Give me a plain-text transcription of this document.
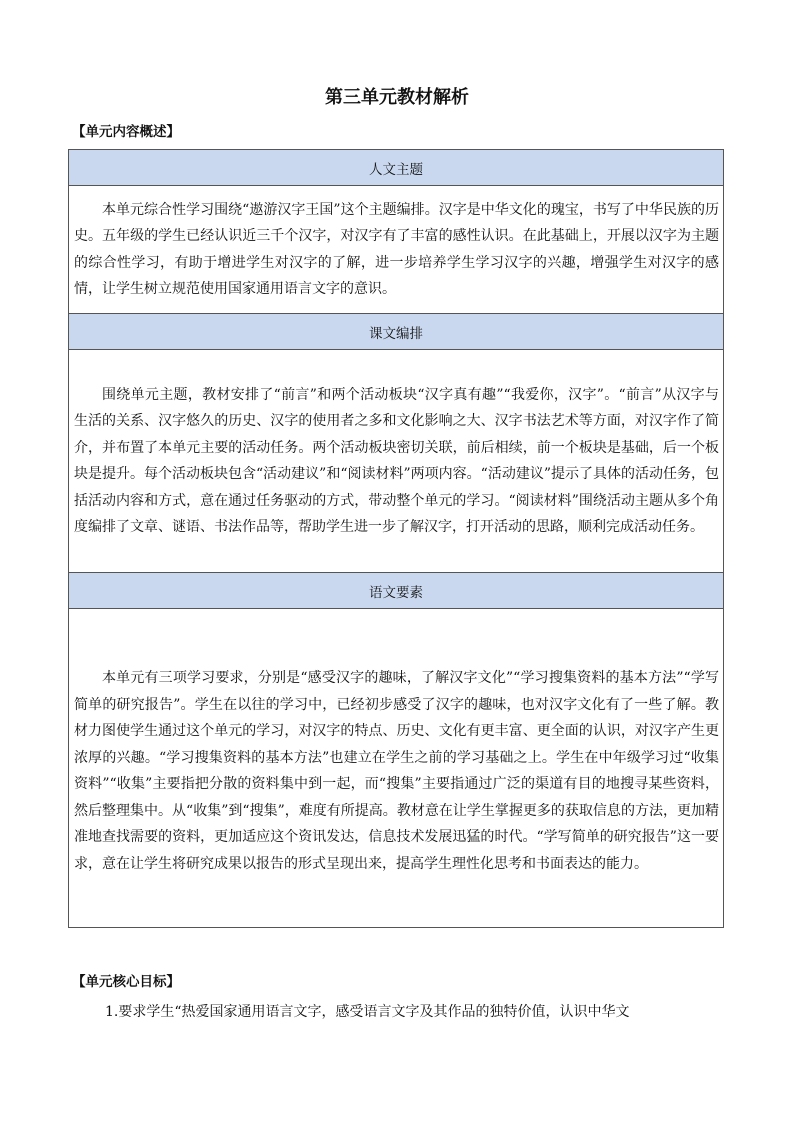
第三单元教材解析
【单元内容概述】
人文主题

本单元综合性学习围绕“遨游汉字王国”这个主题编排。汉字是中华文化的瑰宝，书写了中华民族的历史。五年级的学生已经认识近三千个汉字，对汉字有了丰富的感性认识。在此基础上，开展以汉字为主题的综合性学习，有助于增进学生对汉字的了解，进一步培养学生学习汉字的兴趣，增强学生对汉字的感情，让学生树立规范使用国家通用语言文字的意识。

课文编排

围绕单元主题，教材安排了“前言”和两个活动板块“汉字真有趣”“我爱你，汉字”。“前言”从汉字与生活的关系、汉字悠久的历史、汉字的使用者之多和文化影响之大、汉字书法艺术等方面，对汉字作了简介，并布置了本单元主要的活动任务。两个活动板块密切关联，前后相续，前一个板块是基础，后一个板块是提升。每个活动板块包含“活动建议”和“阅读材料”两项内容。“活动建议”提示了具体的活动任务，包括活动内容和方式，意在通过任务驱动的方式，带动整个单元的学习。“阅读材料”围绕活动主题从多个角度编排了文章、谜语、书法作品等，帮助学生进一步了解汉字，打开活动的思路，顺利完成活动任务。

语文要素

本单元有三项学习要求，分别是“感受汉字的趣味，了解汉字文化”“学习搜集资料的基本方法”“学写简单的研究报告”。学生在以往的学习中，已经初步感受了汉字的趣味，也对汉字文化有了一些了解。教材力图使学生通过这个单元的学习，对汉字的特点、历史、文化有更丰富、更全面的认识，对汉字产生更浓厚的兴趣。“学习搜集资料的基本方法”也建立在学生之前的学习基础之上。学生在中年级学习过“收集资料”“收集”主要指把分散的资料集中到一起，而“搜集”主要指通过广泛的渠道有目的地搜寻某些资料，然后整理集中。从“收集”到“搜集”，难度有所提高。教材意在让学生掌握更多的获取信息的方法，更加精准地查找需要的资料，更加适应这个资讯发达，信息技术发展迅猛的时代。“学写简单的研究报告”这一要求，意在让学生将研究成果以报告的形式呈现出来，提高学生理性化思考和书面表达的能力。

【单元核心目标】
1.要求学生“热爱国家通用语言文字，感受语言文字及其作品的独特价值，认识中华文
